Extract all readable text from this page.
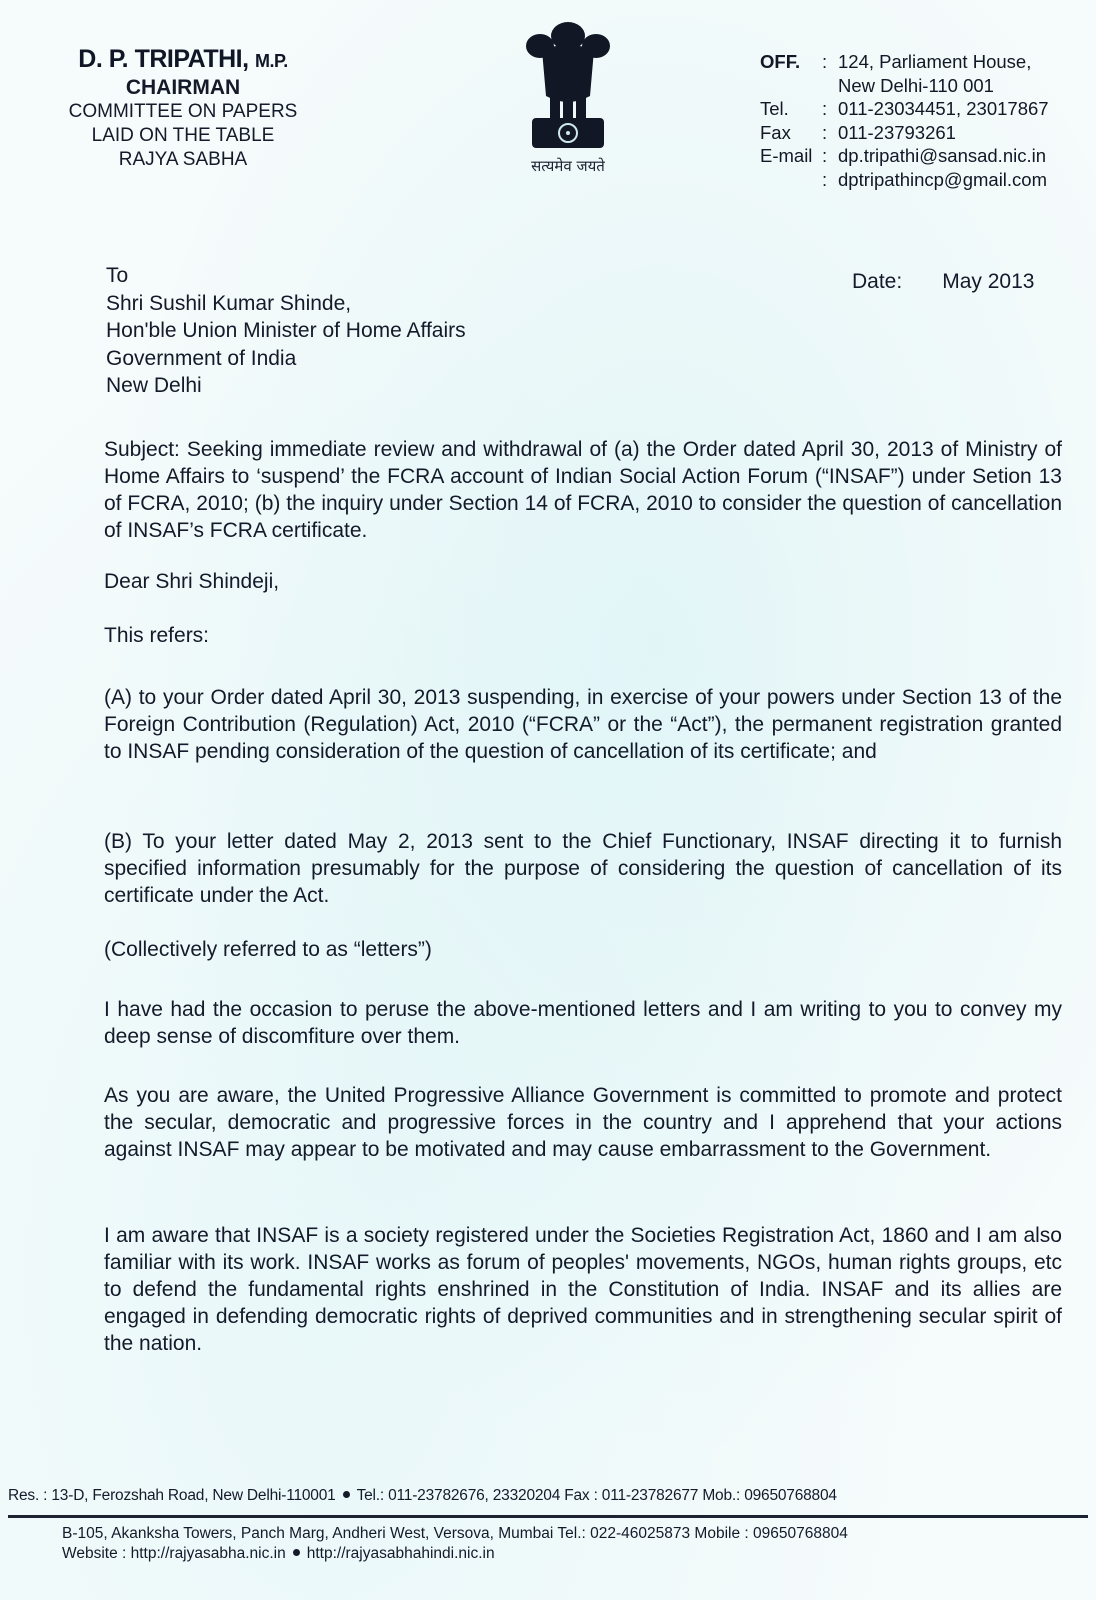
D. P. TRIPATHI, M.P.
CHAIRMAN
COMMITTEE ON PAPERS
LAID ON THE TABLE
RAJYA SABHA	सत्यमेव जयते
OFF.	: 124, Parliament House,
New Delhi-110 001
Tel.	: 011-23034451, 23017867
Fax	: 011-23793261
E-mail : dp.tripathi@sansad.nic.in
: dptripathincp@gmail.com
To
Shri Sushil Kumar Shinde,
Hon'ble Union Minister of Home Affairs
Government of India
New Delhi
Date: May 2013
Subject: Seeking immediate review and withdrawal of (a) the Order dated April 30, 2013 of Ministry of Home Affairs to ‘suspend’ the FCRA account of Indian Social Action Forum (“INSAF”) under Setion 13 of FCRA, 2010; (b) the inquiry under Section 14 of FCRA, 2010 to consider the question of cancellation of INSAF’s FCRA certificate.
Dear Shri Shindeji,
This refers:
(A) to your Order dated April 30, 2013 suspending, in exercise of your powers under Section 13 of the Foreign Contribution (Regulation) Act, 2010 (“FCRA” or the “Act”), the permanent registration granted to INSAF pending consideration of the question of cancellation of its certificate; and
(B) To your letter dated May 2, 2013 sent to the Chief Functionary, INSAF directing it to furnish specified information presumably for the purpose of considering the question of cancellation of its certificate under the Act.
(Collectively referred to as “letters”)
I have had the occasion to peruse the above-mentioned letters and I am writing to you to convey my deep sense of discomfiture over them.
As you are aware, the United Progressive Alliance Government is committed to promote and protect the secular, democratic and progressive forces in the country and I apprehend that your actions against INSAF may appear to be motivated and may cause embarrassment to the Government.
I am aware that INSAF is a society registered under the Societies Registration Act, 1860 and I am also familiar with its work. INSAF works as forum of peoples' movements, NGOs, human rights groups, etc to defend the fundamental rights enshrined in the Constitution of India. INSAF and its allies are engaged in defending democratic rights of deprived communities and in strengthening secular spirit of the nation.
Res. : 13-D, Ferozshah Road, New Delhi-110001 Tel.: 011-23782676, 23320204 Fax : 011-23782677 Mob.: 09650768804
B-105, Akanksha Towers, Panch Marg, Andheri West, Versova, Mumbai Tel.: 022-46025873 Mobile : 09650768804
Website : http://rajyasabha.nic.in http://rajyasabhahindi.nic.in
